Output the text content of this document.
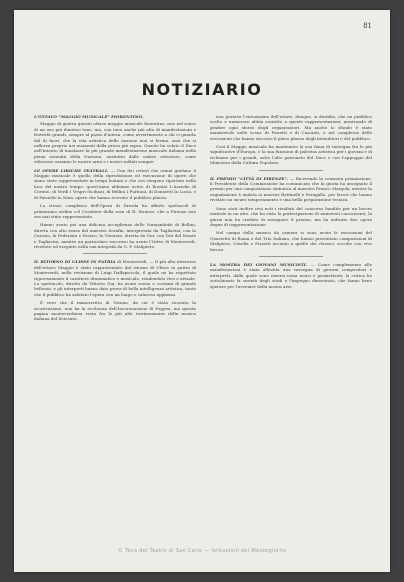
81
NOTIZIARIO

L'OTTAVO "MAGGIO MUSICALE" FIORENTINO.

Maggio di guerra questo ottavo maggio musicale fiorentino, non nel senso di un uso più dimesso tono, ma, con tono anche più alto di manifestazioni e festività grandi, sempre al passo d'intesa, come avvertimento a chi ci guarda dal di fuori, che la vita artistica della nazione non si ferma, anzi che si rafforza proprio nei momenti della prova più aspra. Questo ha voluto il Duce nell'intento di innalzare la più grande manifestazione musicale italiana nella piena serenità della Nazione, anzitutto dalle ombre vittoriose, come vittoriose saranno le nostre armi e i nostri soldati sempre.

LE OPERE LIRICHE TEATRALI. — Uno dei criteri che ormai guidano il Maggio musicale è quello della riproduzione ed esecuzione di opere che siano state rappresentate in tempi lontani e che ora vengono riportate nella luce del nostro tempo: quest'anno abbiamo avuto di Rossini L'Assedio di Corinto, di Verdi I Vespri Siciliani, di Bellini I Puritani, di Donizetti la Lucia, e di Paisiello la Nina, opere che hanno ricevuto il pubblico plauso.

Lo stesso complesso dell'Opera di Dresda ha offerto spettacoli di primissimo ordine col Cavaliere della rosa di R. Strauss, che a Firenze non era mai stato rappresentato.

Hanno avuto poi una delicata accoglienza delle Sonnambule di Bellini, diretta con alto senso dal maestro Serafin, interpretata da Tagliavini, con la Carosio, la Pederzini e Pasero; la Traviata, diretta da Gui, con Toti dal Monte e Tagliavini; mentre un particolare successo ha avuto l'Orfeo di Monteverdi, riveduto ed eseguito nella sua integrità da G. F. Malipiero.

IL RITORNO DI ULISSE IN PATRIA di Monteverdi. — Il più alto interesse dell'ottavo Maggio è stato rappresentato dal ritorno di Ulisse in patria di Monteverdi, nella revisione di Luigi Dallapiccola, il quale ne ha rispettato rigorosamente il carattere drammatico e musicale, rendendolo vivo e attuale. Lo spettacolo, diretto da Vittorio Gui, ha avuto scene e costumi di grande bellezza, e gli interpreti hanno dato prova di bella intelligenza artistica, tanto che il pubblico ha salutato l'opera con un lungo e caloroso applauso.

È vero che il manoscritto di Vienna, da cui è stata ricavata la ricostruzione, non ha la ricchezza dell'Incoronazione di Poppea, ma questa pagina monteverdiana resta fra le più alte testimonianze della musica italiana del Seicento.

non portava l'entusiasmo dell'estate, dunque, si direbbe, che un pubblico scelto e numeroso abbia assistito a queste rappresentazioni, mostrando di gradire ogni sforzo degli organizzatori. Ma anche lo sfondo è stato ammirevole nelle scene di Pizzetti e di Casorati, e nel complesso delle esecuzioni che hanno riscosso il pieno plauso degli intenditori e del pubblico.

Così il Maggio musicale ha mantenuto la sua fama di rassegna fra le più significative d'Europa, e la sua funzione di palestra artistica per i giovani e di richiamo per i grandi, sotto l'alto patronato del Duce e con l'appoggio del Ministero della Cultura Popolare.

IL PREMIO "CITTÀ DI FIRENZE". — Ricevendo la consueta premiazione, il Presidente della Commissione ha comunicato che la giuria ha assegnato il premio per una composizione sinfonica al maestro Franco Margola, mentre la segnalazione è andata ai maestri Bettinelli e Peragallo, per lavori che hanno rivelato un sicuro temperamento e una bella preparazione tecnica.

Sono stati inoltre resi noti i risultati del concorso bandito per un lavoro teatrale in un atto, che ha visto la partecipazione di numerosi concorrenti; la giuria non ha creduto di assegnare il premio, ma ha indicato due opere degne di rappresentazione.

Nel campo della musica da camera si sono avute le esecuzioni del Quartetto di Roma e del Trio Italiano, che hanno presentato composizioni di Malipiero, Casella e Pizzetti accanto a quelle dei classici, accolte con vivo favore.

LA MOSTRA DEI GIOVANI MUSICISTI. — Come complemento alle manifestazioni è stata allestita una rassegna di giovani compositori e interpreti, dalla quale sono emersi nomi nuovi e promettenti; la critica ha sottolineato la serietà degli studi e l'impegno dimostrato, che fanno bene sperare per l'avvenire della nostra arte.

© Teca del Teatro di San Carlo — Istituzioni del Mezzogiorno
